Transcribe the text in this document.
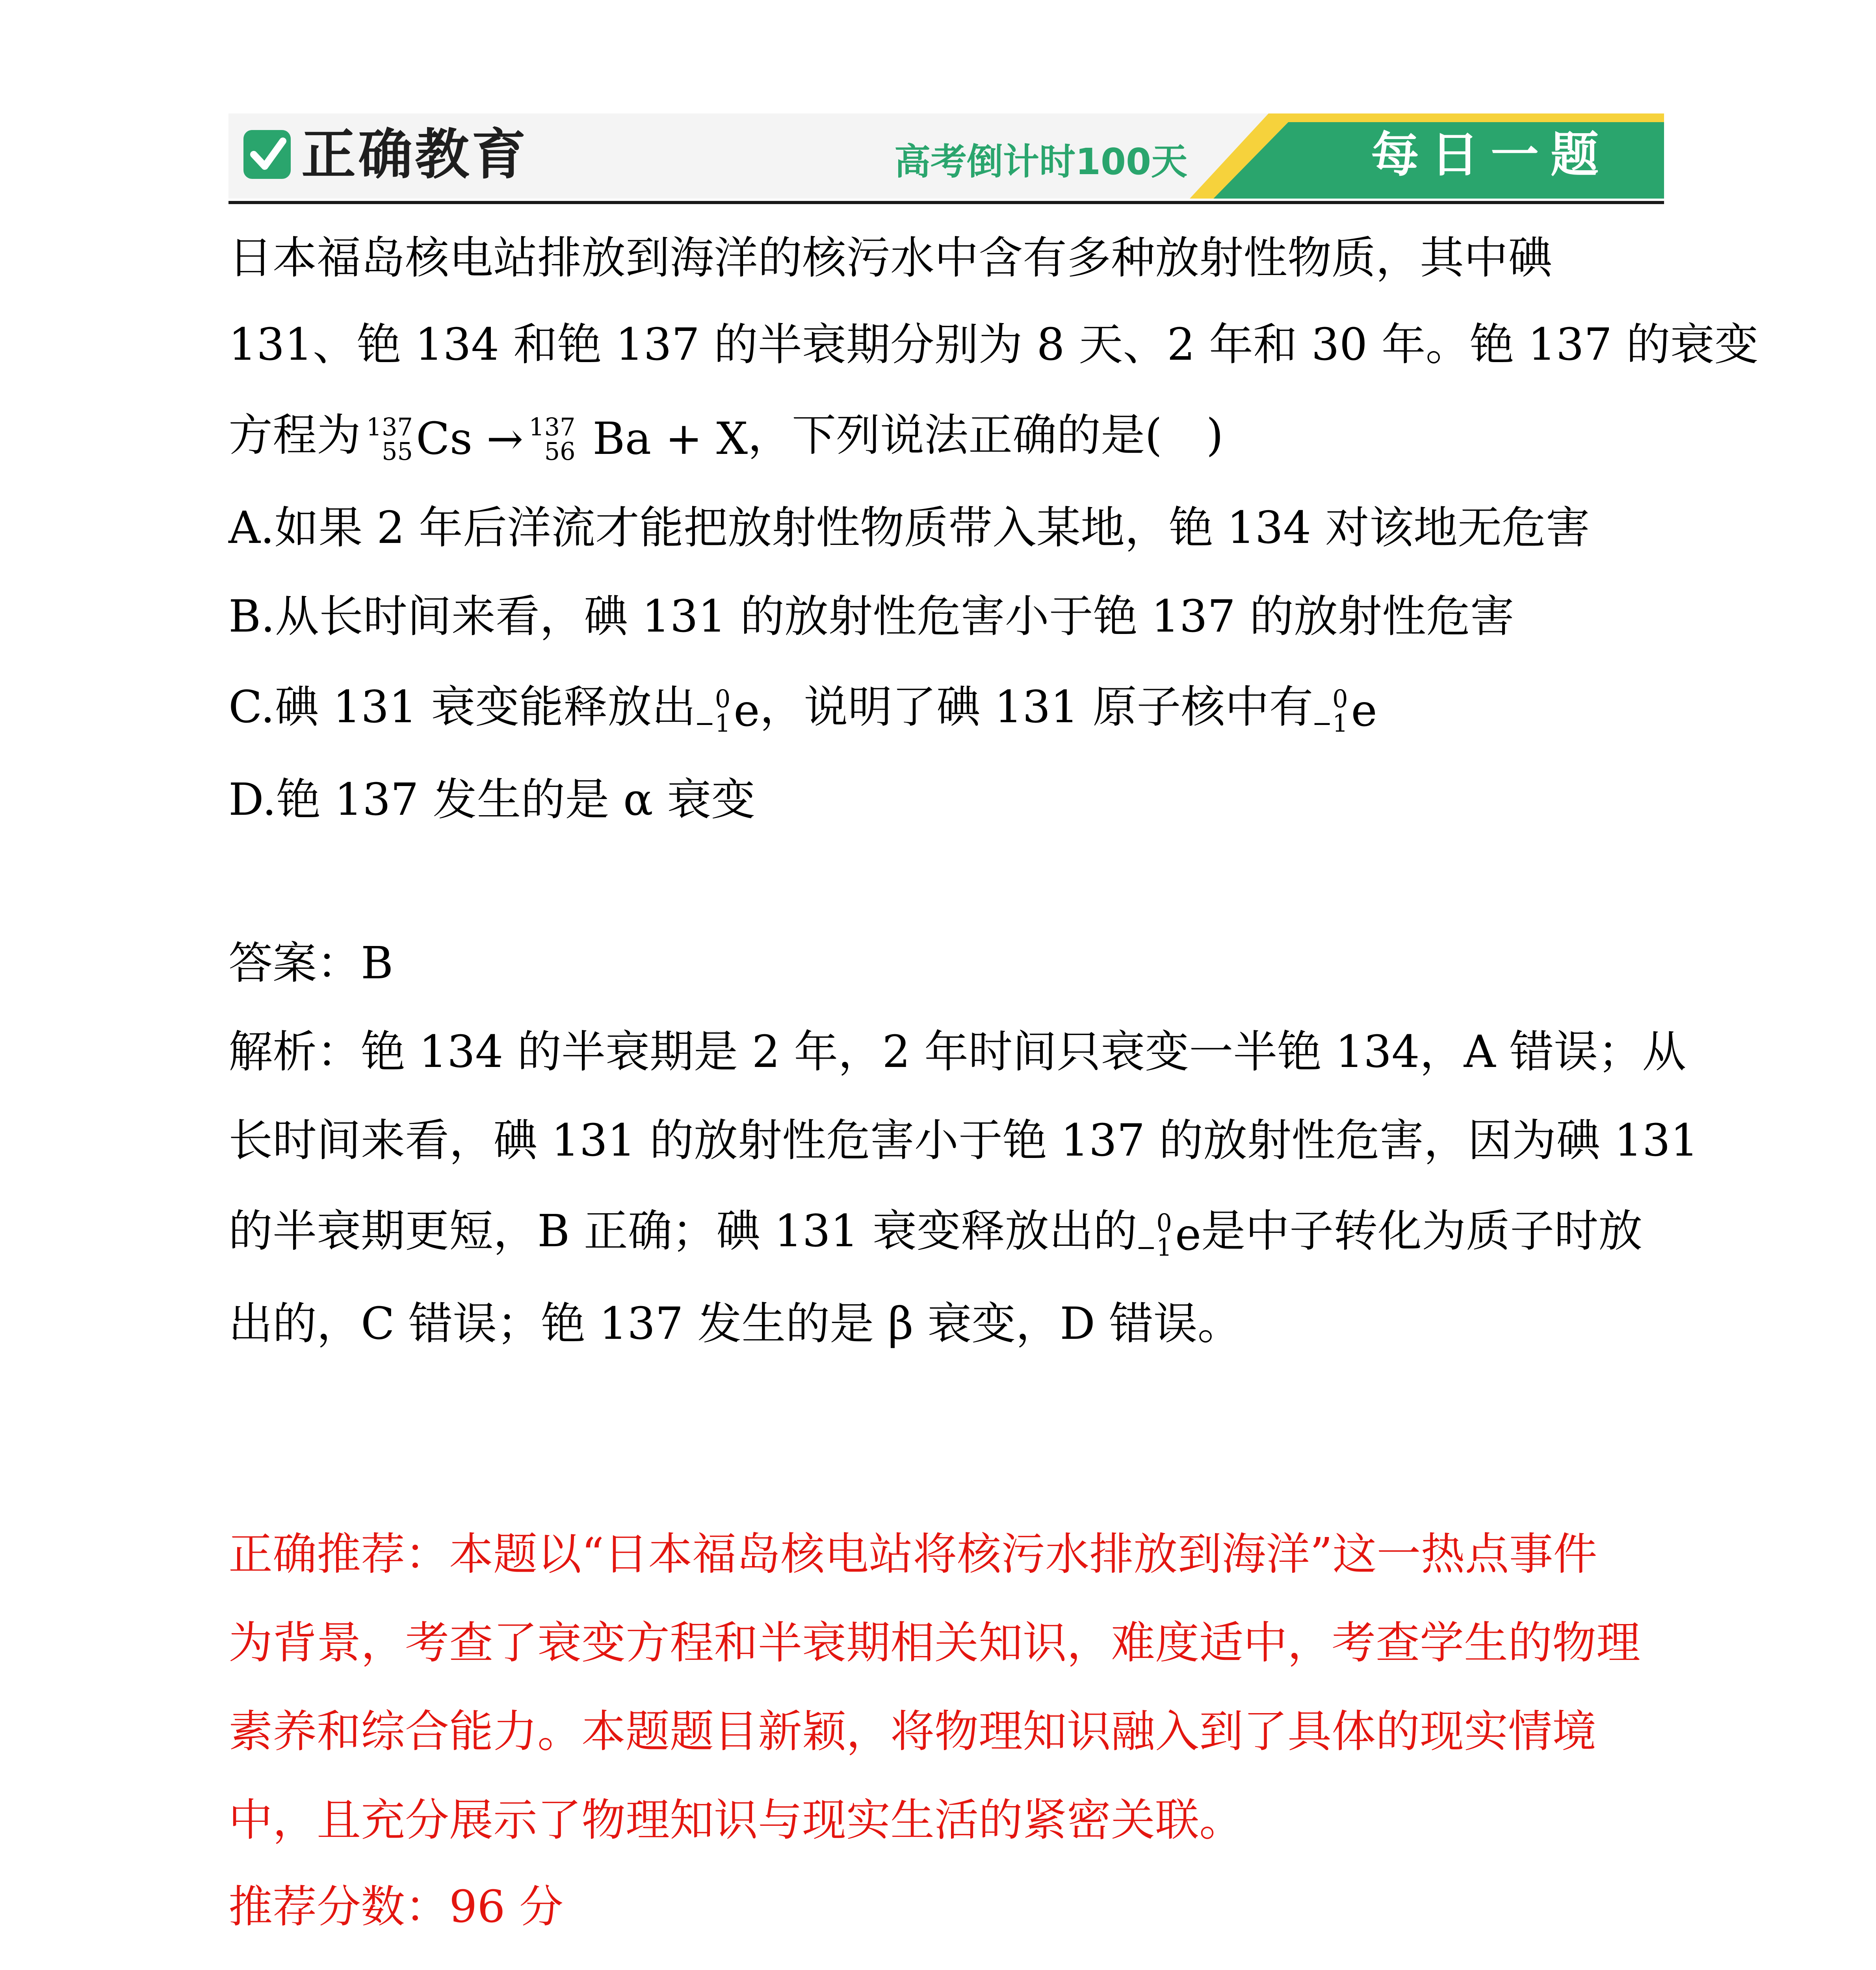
正确教育	高考倒计时100天	每日一题
日本福岛核电站排放到海洋的核污水中含有多种放射性物质，其中碘
131、铯 134 和铯 137 的半衰期分别为 8 天、2 年和 30 年。铯 137 的衰变
方程为 137
55 Cs → 137
56 Ba + X，下列说法正确的是(　)
A.如果 2 年后洋流才能把放射性物质带入某地，铯 134 对该地无危害
B.从长时间来看，碘 131 的放射性危害小于铯 137 的放射性危害
C.碘 131 衰变能释放出 0
−1 e，说明了碘 131 原子核中有 0
−1 e
D.铯 137 发生的是 α 衰变
答案：B
解析：铯 134 的半衰期是 2 年，2 年时间只衰变一半铯 134，A 错误；从
长时间来看，碘 131 的放射性危害小于铯 137 的放射性危害，因为碘 131
的半衰期更短，B 正确；碘 131 衰变释放出的 0
−1 e是中子转化为质子时放
出的，C 错误；铯 137 发生的是 β 衰变，D 错误。
正确推荐：本题以“日本福岛核电站将核污水排放到海洋”这一热点事件
为背景，考查了衰变方程和半衰期相关知识，难度适中，考查学生的物理
素养和综合能力。本题题目新颖，将物理知识融入到了具体的现实情境
中，且充分展示了物理知识与现实生活的紧密关联。
推荐分数：96 分
